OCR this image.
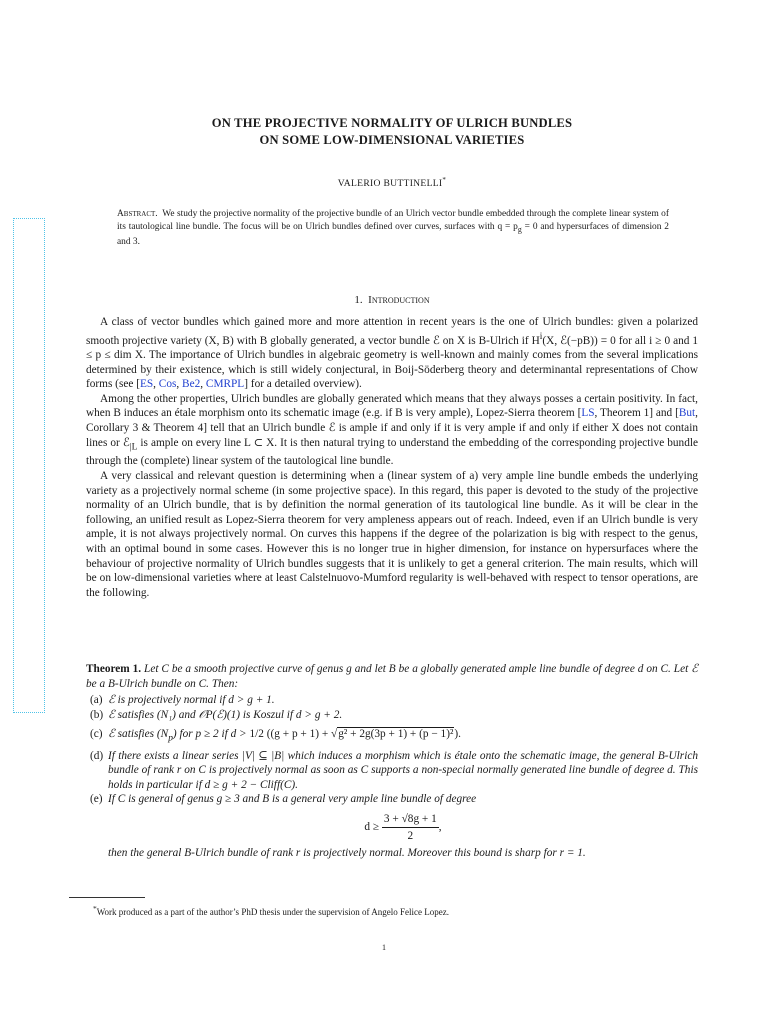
ON THE PROJECTIVE NORMALITY OF ULRICH BUNDLES
ON SOME LOW-DIMENSIONAL VARIETIES
VALERIO BUTTINELLI*
Abstract. We study the projective normality of the projective bundle of an Ulrich vector bundle embedded through the complete linear system of its tautological line bundle. The focus will be on Ulrich bundles defined over curves, surfaces with $q = p_g = 0$ and hypersurfaces of dimension 2 and 3.
1. Introduction

A class of vector bundles which gained more and more attention in recent years is the one of Ulrich bundles: given a polarized smooth projective variety (X, B) with B globally generated, a vector bundle ℰ on X is B-Ulrich if $H^i(X$, ℰ(−pB)) = 0 for all i ≥ 0 and 1 ≤ p ≤ dim X. The importance of Ulrich bundles in algebraic geometry is well-known and mainly comes from the several implications determined by their existence, which is still widely conjectural, in Boij-Söderberg theory and determinantal representations of Chow forms (see [ES, Cos, Be2, CMRPL] for a detailed overview).

Among the other properties, Ulrich bundles are globally generated which means that they always posses a certain positivity. In fact, when B induces an étale morphism onto its schematic image (e.g. if B is very ample), Lopez-Sierra theorem [LS, Theorem 1] and [But, Corollary 3 & Theorem 4] tell that an Ulrich bundle ℰ is ample if and only if it is very ample if and only if either X does not contain lines or ℰ$_{|L}$ is ample on every line L ⊂ X. It is then natural trying to understand the embedding of the corresponding projective bundle through the (complete) linear system of the tautological line bundle.

A very classical and relevant question is determining when a (linear system of a) very ample line bundle embeds the underlying variety as a projectively normal scheme (in some projective space). In this regard, this paper is devoted to the study of the projective normality of an Ulrich bundle, that is by definition the normal generation of its tautological line bundle. As it will be clear in the following, an unified result as Lopez-Sierra theorem for very ampleness appears out of reach. Indeed, even if an Ulrich bundle is very ample, it is not always projectively normal. On curves this happens if the degree of the polarization is big with respect to the genus, with an optimal bound in some cases. However this is no longer true in higher dimension, for instance on hypersurfaces where the behaviour of projective normality of Ulrich bundles suggests that it is unlikely to get a general criterion. The main results, which will be on low-dimensional varieties where at least Calstelnuovo-Mumford regularity is well-behaved with respect to tensor operations, are the following.

Theorem 1. Let C be a smooth projective curve of genus g and let B be a globally generated ample line bundle of degree d on C. Let ℰ be a B-Ulrich bundle on C. Then:

(a) ℰ is projectively normal if d > g + 1.
(b) ℰ satisfies (N₁) and 𝒪P(ℰ)(1) is Koszul if d > g + 2.
(c) ℰ satisfies $(N_p)$ for p ≥ 2 if d > 1/2 ((g + p + 1) + √g² + 2g(3p + 1) + (p − 1)²).
(d) If there exists a linear series |V| ⊆ |B| which induces a morphism which is étale onto the schematic image, the general B-Ulrich bundle of rank r on C is projectively normal as soon as C supports a non-special normally generated line bundle of degree d. This holds in particular if d ≥ g + 2 − Cliff(C).
(e) If C is general of genus g ≥ 3 and B is a general very ample line bundle of degree
$d \ge \frac{3 + √8g + 1}{2}$ ,
then the general B-Ulrich bundle of rank r is projectively normal. Moreover this bound is sharp for r = 1.
*Work produced as a part of the author’s PhD thesis under the supervision of Angelo Felice Lopez.
1
